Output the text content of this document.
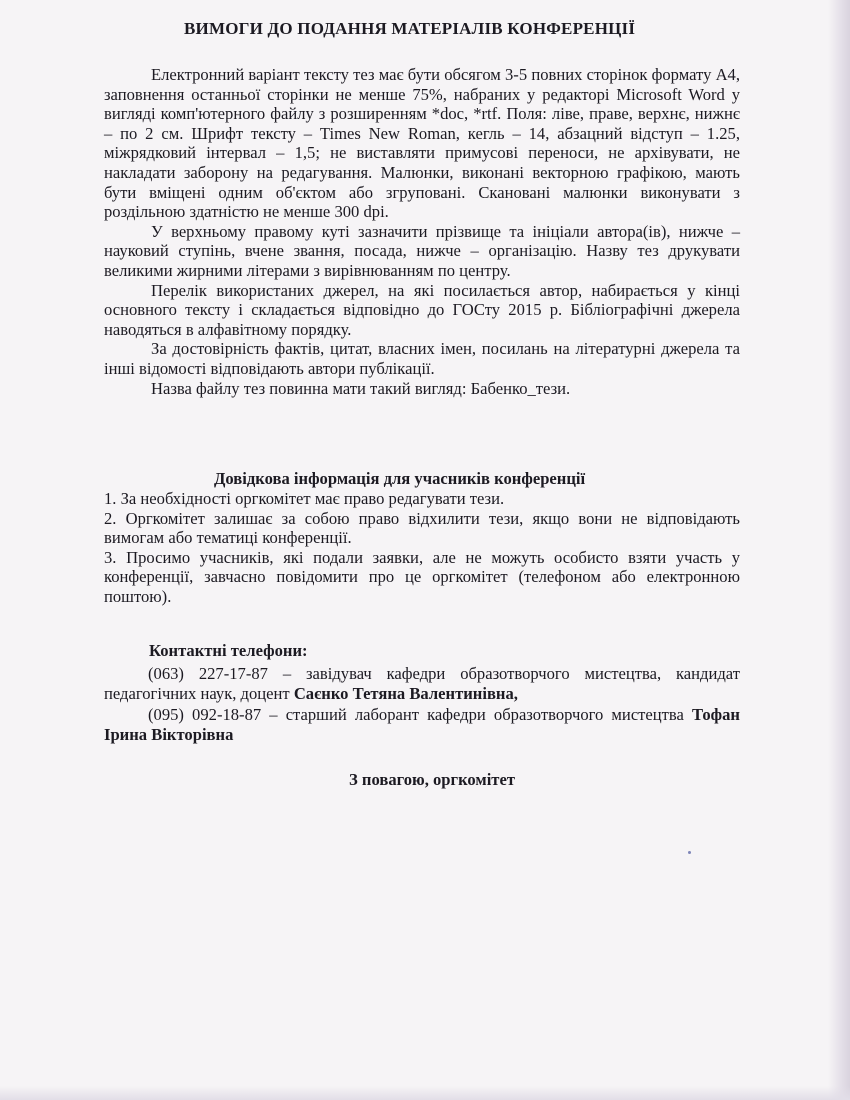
ВИМОГИ ДО ПОДАННЯ МАТЕРІАЛІВ КОНФЕРЕНЦІЇ

Електронний варіант тексту тез має бути обсягом 3-5 повних сторінок формату А4, заповнення останньої сторінки не менше 75%, набраних у редакторі Microsoft Word у вигляді комп'ютерного файлу з розширенням *doc, *rtf. Поля: ліве, праве, верхнє, нижнє – по 2 см. Шрифт тексту – Times New Roman, кегль – 14, абзацний відступ – 1.25, міжрядковий інтервал – 1,5; не виставляти примусові переноси, не архівувати, не накладати заборону на редагування. Малюнки, виконані векторною графікою, мають бути вміщені одним об'єктом або згруповані. Скановані малюнки виконувати з роздільною здатністю не менше 300 dpi.

У верхньому правому куті зазначити прізвище та ініціали автора(ів), нижче – науковий ступінь, вчене звання, посада, нижче – організацію. Назву тез друкувати великими жирними літерами з вирівнюванням по центру.

Перелік використаних джерел, на які посилається автор, набирається у кінці основного тексту і складається відповідно до ГОСту 2015 р. Бібліографічні джерела наводяться в алфавітному порядку.

За достовірність фактів, цитат, власних імен, посилань на літературні джерела та інші відомості відповідають автори публікації.

Назва файлу тез повинна мати такий вигляд: Бабенко_тези.

Довідкова інформація для учасників конференції
1. За необхідності оргкомітет має право редагувати тези.
2. Оргкомітет залишає за собою право відхилити тези, якщо вони не відповідають вимогам або тематиці конференції.
3. Просимо учасників, які подали заявки, але не можуть особисто взяти участь у конференції, завчасно повідомити про це оргкомітет (телефоном або електронною поштою).
Контактні телефони:

(063) 227-17-87 – завідувач кафедри образотворчого мистецтва, кандидат педагогічних наук, доцент Саєнко Тетяна Валентинівна,

(095) 092-18-87 – старший лаборант кафедри образотворчого мистецтва Тофан Ірина Вікторівна

З повагою, оргкомітет
